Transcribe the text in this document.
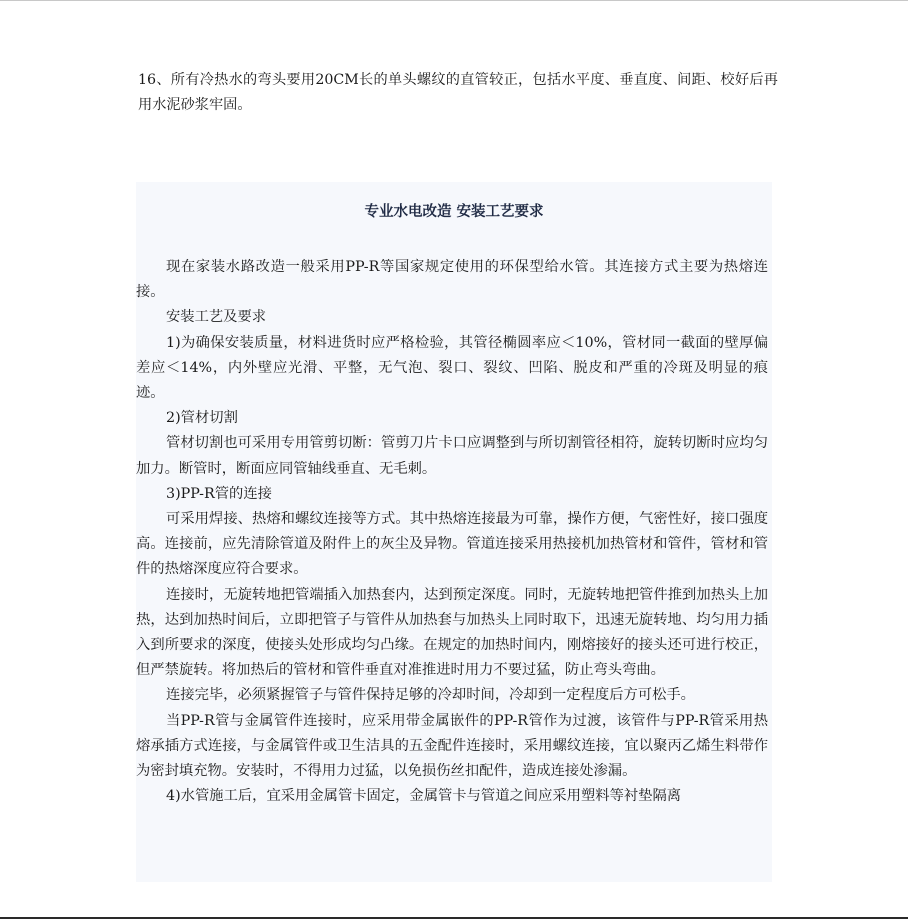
16、所有冷热水的弯头要用20CM长的单头螺纹的直管较正，包括水平度、垂直度、间距、校好后再用水泥砂浆牢固。

专业水电改造 安装工艺要求

现在家装水路改造一般采用PP-R等国家规定使用的环保型给水管。其连接方式主要为热熔连接。

安装工艺及要求

1)为确保安装质量，材料进货时应严格检验，其管径椭圆率应＜10%，管材同一截面的壁厚偏差应＜14%，内外壁应光滑、平整，无气泡、裂口、裂纹、凹陷、脱皮和严重的冷斑及明显的痕迹。

2)管材切割

管材切割也可采用专用管剪切断：管剪刀片卡口应调整到与所切割管径相符，旋转切断时应均匀加力。断管时，断面应同管轴线垂直、无毛刺。

3)PP-R管的连接

可采用焊接、热熔和螺纹连接等方式。其中热熔连接最为可靠，操作方便，气密性好，接口强度高。连接前，应先清除管道及附件上的灰尘及异物。管道连接采用热接机加热管材和管件，管材和管件的热熔深度应符合要求。

连接时，无旋转地把管端插入加热套内，达到预定深度。同时，无旋转地把管件推到加热头上加热，达到加热时间后，立即把管子与管件从加热套与加热头上同时取下，迅速无旋转地、均匀用力插入到所要求的深度，使接头处形成均匀凸缘。在规定的加热时间内，刚熔接好的接头还可进行校正，但严禁旋转。将加热后的管材和管件垂直对准推进时用力不要过猛，防止弯头弯曲。

连接完毕，必须紧握管子与管件保持足够的冷却时间，冷却到一定程度后方可松手。

当PP-R管与金属管件连接时，应采用带金属嵌件的PP-R管作为过渡，该管件与PP-R管采用热熔承插方式连接，与金属管件或卫生洁具的五金配件连接时，采用螺纹连接，宜以聚丙乙烯生料带作为密封填充物。安装时，不得用力过猛，以免损伤丝扣配件，造成连接处渗漏。

4)水管施工后，宜采用金属管卡固定，金属管卡与管道之间应采用塑料等衬垫隔离
